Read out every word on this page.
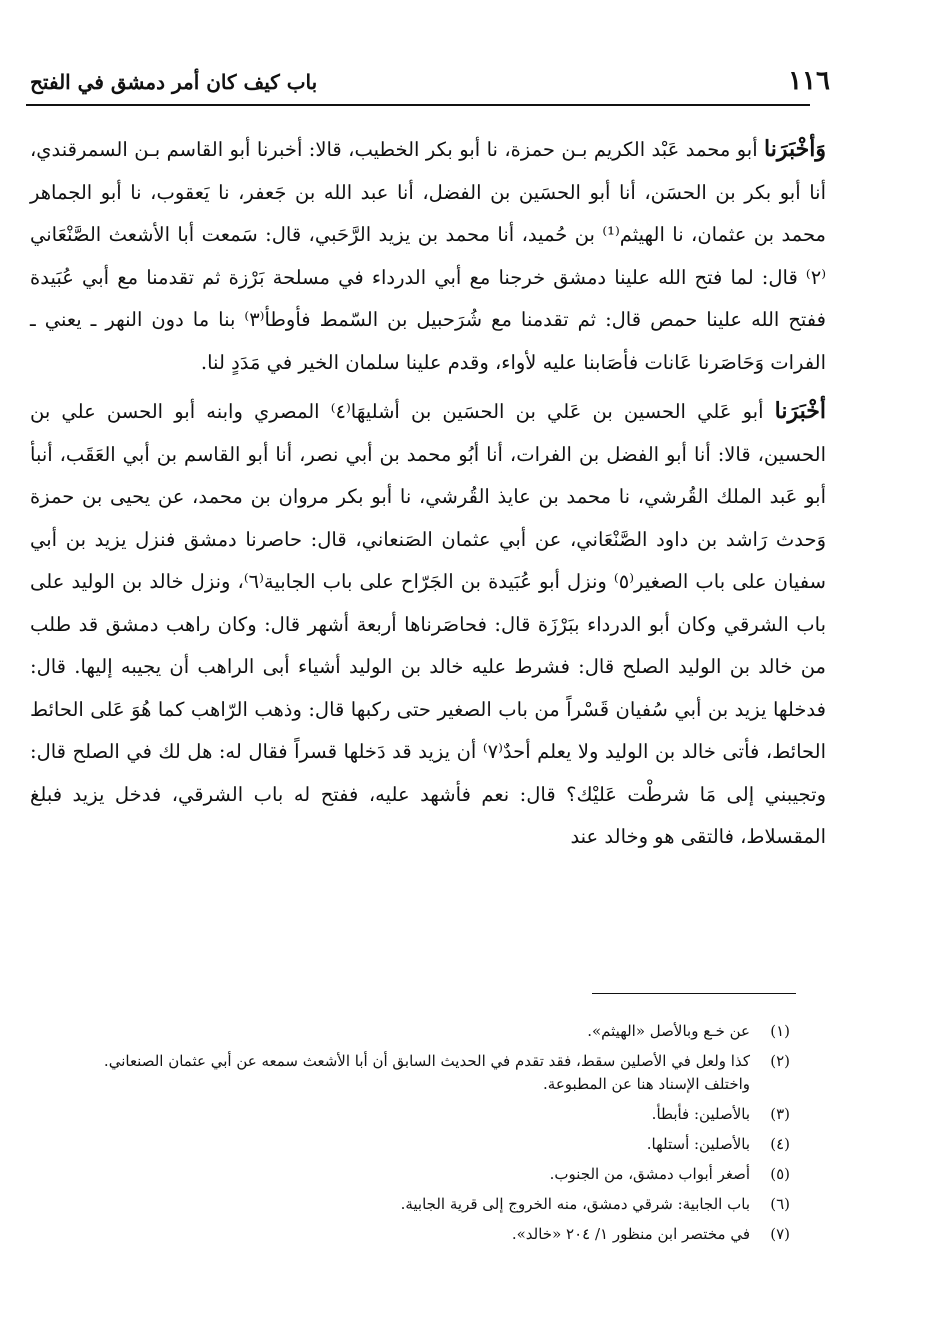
١١٦
باب كيف كان أمر دمشق في الفتح

وَأخْبَرَنا أبو محمد عَبْد الكريم بـن حمزة، نا أبو بكر الخطيب، قالا: أخبرنا أبو القاسم بـن السمرقندي، أنا أبو بكر بن الحسَن، أنا أبو الحسَين بن الفضل، أنا عبد الله بن جَعفر، نا يَعقوب، نا أبو الجماهر محمد بن عثمان، نا الهيثم⁽¹⁾ بن حُميد، أنا محمد بن يزيد الرَّحَبي، قال: سَمعت أبا الأشعث الصَّنْعَاني ⁽٢⁾ قال: لما فتح الله علينا دمشق خرجنا مع أبي الدرداء في مسلحة بَرْزة ثم تقدمنا مع أبي عُبَيدة ففتح الله علينا حمص قال: ثم تقدمنا مع شُرَحبيل بن السّمط فأوطأ⁽٣⁾ بنا ما دون النهر ـ يعني ـ الفرات وَحَاصَرنا عَانات فأصَابنا عليه لأواء، وقدم علينا سلمان الخير في مَدَدٍ لنا.

أخْبَرَنا أبو عَلي الحسين بن عَلي بن الحسَين بن أشليهَا⁽٤⁾ المصري وابنه أبو الحسن علي بن الحسين، قالا: أنا أبو الفضل بن الفرات، أنا أبُو محمد بن أبي نصر، أنا أبو القاسم بن أبي العَقَب، أنبأ أبو عَبد الملك القُرشي، نا محمد بن عايذ القُرشي، نا أبو بكر مروان بن محمد، عن يحيى بن حمزة وَحدث رَاشد بن داود الصَّنْعَاني، عن أبي عثمان الصَنعاني، قال: حاصرنا دمشق فنزل يزيد بن أبي سفيان على باب الصغير⁽٥⁾ ونزل أبو عُبَيدة بن الجَرّاح على باب الجابية⁽٦⁾، ونزل خالد بن الوليد على باب الشرقي وكان أبو الدرداء ببَرْزَة قال: فحاصَرناها أربعة أشهر قال: وكان راهب دمشق قد طلب من خالد بن الوليد الصلح قال: فشرط عليه خالد بن الوليد أشياء أبى الراهب أن يجيبه إليها. قال: فدخلها يزيد بن أبي سُفيان قَسْراً من باب الصغير حتى ركبها قال: وذهب الرّاهب كما هُوَ عَلى الحائط الحائط، فأتى خالد بن الوليد ولا يعلم أحدٌ⁽٧⁾ أن يزيد قد دَخلها قسراً فقال له: هل لك في الصلح قال: وتجيبني إلى مَا شرطْت عَليْك؟ قال: نعم فأشهد عليه، ففتح له باب الشرقي، فدخل يزيد فبلغ المقسلاط، فالتقى هو وخالد عند

(١)
عن خـع وبالأصل «الهيثم».
(٢)
كذا ولعل في الأصلين سقط، فقد تقدم في الحديث السابق أن أبا الأشعث سمعه عن أبي عثمان الصنعاني.
واختلف الإسناد هنا عن المطبوعة.
(٣)
بالأصلين: فأبطأ.
(٤)
بالأصلين: أستلها.
(٥)
أصغر أبواب دمشق، من الجنوب.
(٦)
باب الجابية: شرقي دمشق، منه الخروج إلى قرية الجابية.
(٧)
في مختصر ابن منظور ١/ ٢٠٤ «خالد».
